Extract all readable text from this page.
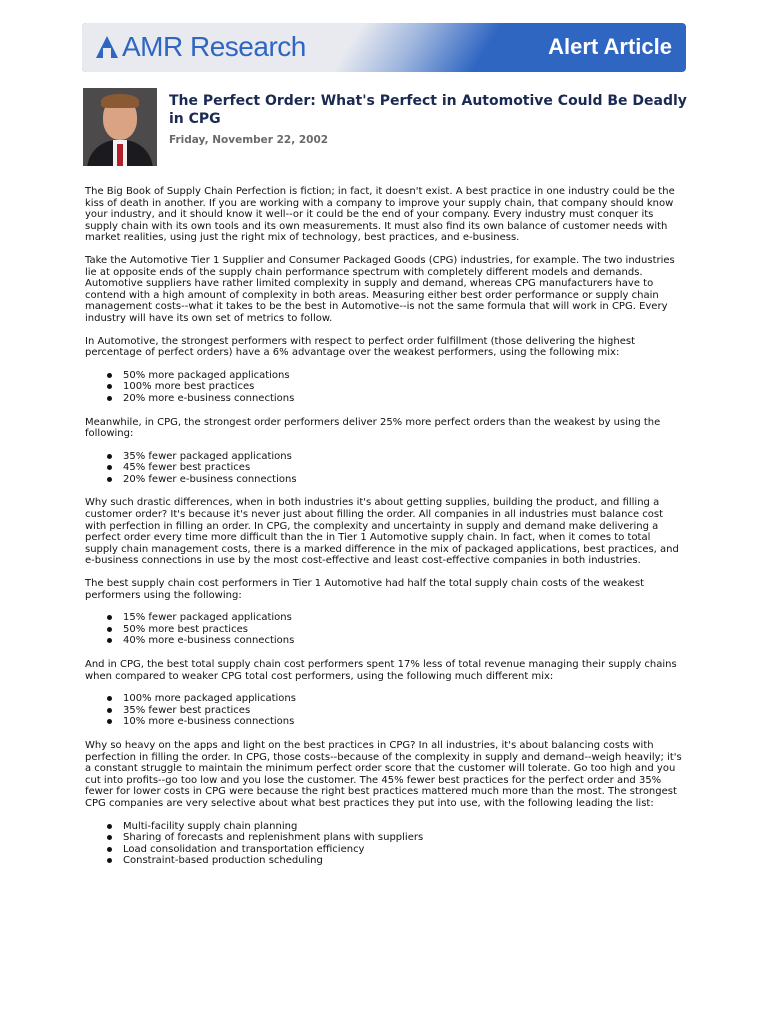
AMR Research	Alert Article
The Perfect Order: What's Perfect in Automotive Could Be Deadly in CPG
Friday, November 22, 2002

The Big Book of Supply Chain Perfection is fiction; in fact, it doesn't exist. A best practice in one industry could be the kiss of death in another. If you are working with a company to improve your supply chain, that company should know your industry, and it should know it well--or it could be the end of your company. Every industry must conquer its supply chain with its own tools and its own measurements. It must also find its own balance of customer needs with market realities, using just the right mix of technology, best practices, and e-business.

Take the Automotive Tier 1 Supplier and Consumer Packaged Goods (CPG) industries, for example. The two industries lie at opposite ends of the supply chain performance spectrum with completely different models and demands. Automotive suppliers have rather limited complexity in supply and demand, whereas CPG manufacturers have to contend with a high amount of complexity in both areas. Measuring either best order performance or supply chain management costs--what it takes to be the best in Automotive--is not the same formula that will work in CPG. Every industry will have its own set of metrics to follow.

In Automotive, the strongest performers with respect to perfect order fulfillment (those delivering the highest percentage of perfect orders) have a 6% advantage over the weakest performers, using the following mix:

50% more packaged applications
100% more best practices
20% more e-business connections

Meanwhile, in CPG, the strongest order performers deliver 25% more perfect orders than the weakest by using the following:

35% fewer packaged applications
45% fewer best practices
20% fewer e-business connections

Why such drastic differences, when in both industries it's about getting supplies, building the product, and filling a customer order? It's because it's never just about filling the order. All companies in all industries must balance cost with perfection in filling an order. In CPG, the complexity and uncertainty in supply and demand make delivering a perfect order every time more difficult than the in Tier 1 Automotive supply chain. In fact, when it comes to total supply chain management costs, there is a marked difference in the mix of packaged applications, best practices, and e-business connections in use by the most cost-effective and least cost-effective companies in both industries.

The best supply chain cost performers in Tier 1 Automotive had half the total supply chain costs of the weakest performers using the following:

15% fewer packaged applications
50% more best practices
40% more e-business connections

And in CPG, the best total supply chain cost performers spent 17% less of total revenue managing their supply chains when compared to weaker CPG total cost performers, using the following much different mix:

100% more packaged applications
35% fewer best practices
10% more e-business connections

Why so heavy on the apps and light on the best practices in CPG? In all industries, it's about balancing costs with perfection in filling the order. In CPG, those costs--because of the complexity in supply and demand--weigh heavily; it's a constant struggle to maintain the minimum perfect order score that the customer will tolerate. Go too high and you cut into profits--go too low and you lose the customer. The 45% fewer best practices for the perfect order and 35% fewer for lower costs in CPG were because the right best practices mattered much more than the most. The strongest CPG companies are very selective about what best practices they put into use, with the following leading the list:

Multi-facility supply chain planning
Sharing of forecasts and replenishment plans with suppliers
Load consolidation and transportation efficiency
Constraint-based production scheduling
